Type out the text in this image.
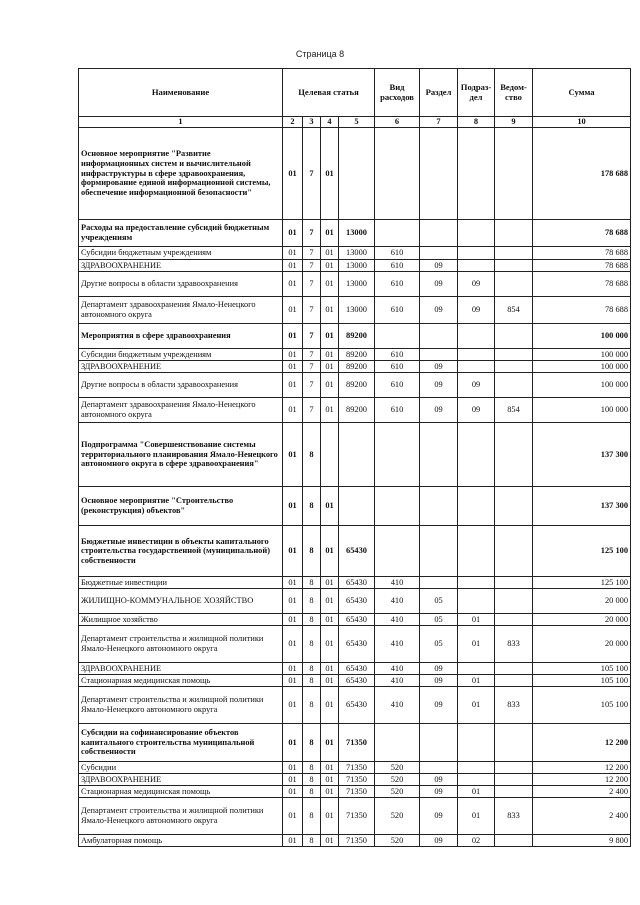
Страница 8
Наименование	Целевая статья				Вид расходов	Раздел	Подраз- дел	Ведом- ство	Сумма
1	2	3	4	5	6	7	8	9	10
Основное мероприятие "Развитие информационных систем и вычислительной инфраструктуры в сфере здравоохранения, формирование единой информационной системы, обеспечение информационной безопасности"	01	7	01						178 688
Расходы на предоставление субсидий бюджетным учреждениям	01	7	01	13000					78 688
Субсидии бюджетным учреждениям	01	7	01	13000	610				78 688
ЗДРАВООХРАНЕНИЕ	01	7	01	13000	610	09			78 688
Другие вопросы в области здравоохранения	01	7	01	13000	610	09	09		78 688
Департамент здравоохранения Ямало-Ненецкого автономного округа	01	7	01	13000	610	09	09	854	78 688
Мероприятия в сфере здравоохранения	01	7	01	89200					100 000
Субсидии бюджетным учреждениям	01	7	01	89200	610				100 000
ЗДРАВООХРАНЕНИЕ	01	7	01	89200	610	09			100 000
Другие вопросы в области здравоохранения	01	7	01	89200	610	09	09		100 000
Департамент здравоохранения Ямало-Ненецкого автономного округа	01	7	01	89200	610	09	09	854	100 000
Подпрограмма "Совершенствование системы территориального планирования Ямало-Ненецкого автономного округа в сфере здравоохранения"	01	8							137 300
Основное мероприятие "Строительство (реконструкция) объектов"	01	8	01						137 300
Бюджетные инвестиции в объекты капитального строительства государственной (муниципальной) собственности	01	8	01	65430					125 100
Бюджетные инвестиции	01	8	01	65430	410				125 100
ЖИЛИЩНО-КОММУНАЛЬНОЕ ХОЗЯЙСТВО	01	8	01	65430	410	05			20 000
Жилищное хозяйство	01	8	01	65430	410	05	01		20 000
Департамент строительства и жилищной политики Ямало-Ненецкого автономного округа	01	8	01	65430	410	05	01	833	20 000
ЗДРАВООХРАНЕНИЕ	01	8	01	65430	410	09			105 100
Стационарная медицинская помощь	01	8	01	65430	410	09	01		105 100
Департамент строительства и жилищной политики Ямало-Ненецкого автономного округа	01	8	01	65430	410	09	01	833	105 100
Субсидии на софинансирование объектов капитального строительства муниципальной собственности	01	8	01	71350					12 200
Субсидии	01	8	01	71350	520				12 200
ЗДРАВООХРАНЕНИЕ	01	8	01	71350	520	09			12 200
Стационарная медицинская помощь	01	8	01	71350	520	09	01		2 400
Департамент строительства и жилищной политики Ямало-Ненецкого автономного округа	01	8	01	71350	520	09	01	833	2 400
Амбулаторная помощь	01	8	01	71350	520	09	02		9 800
